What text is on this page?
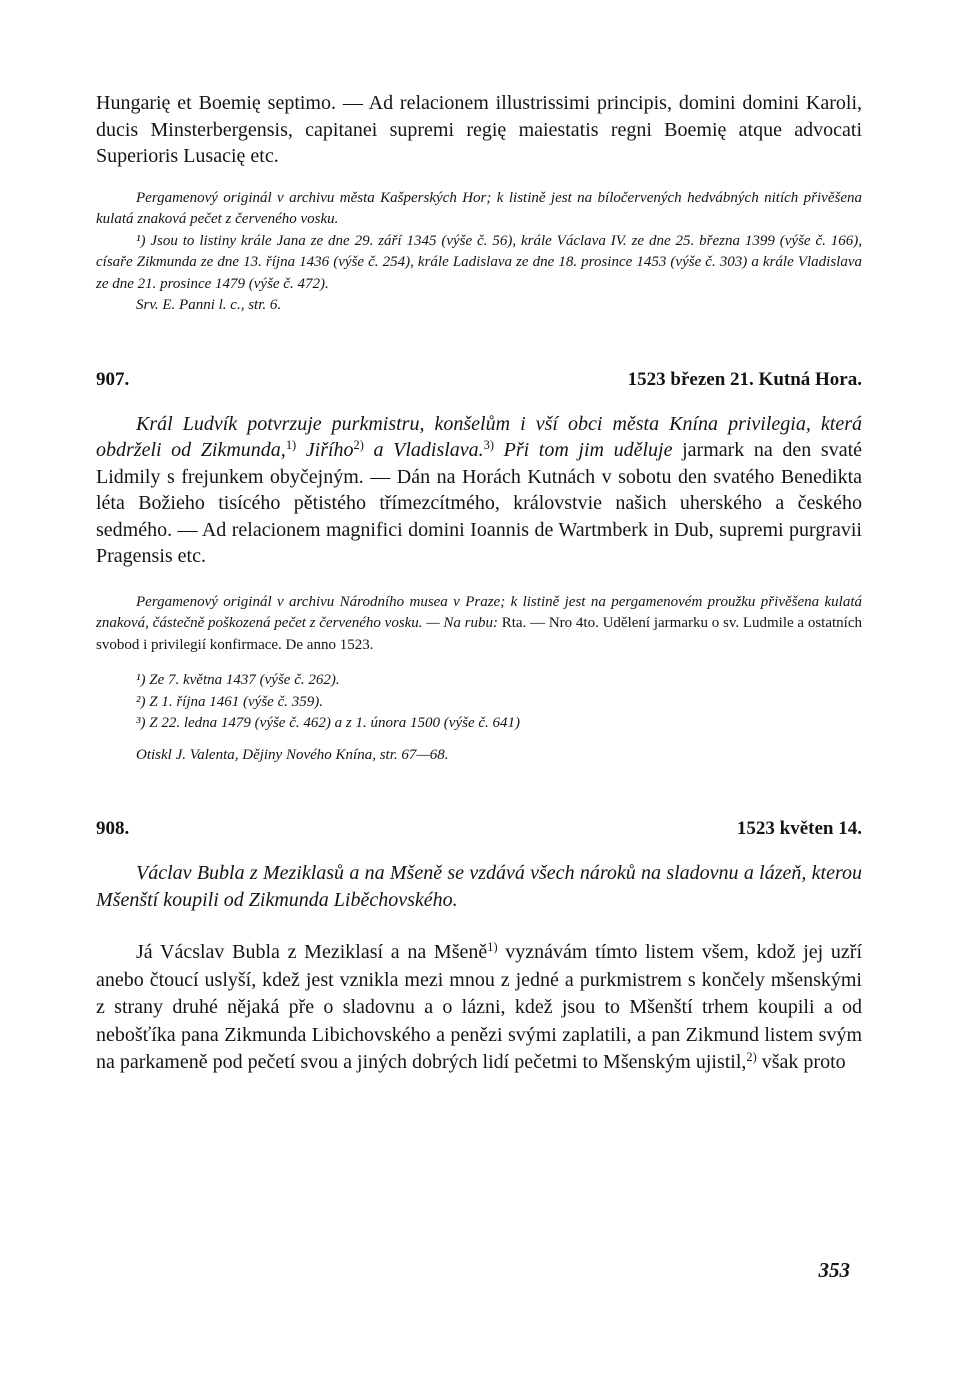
Hungarię et Boemię septimo. — Ad relacionem illustrissimi principis, domini domini Karoli, ducis Minsterbergensis, capitanei supremi regię maiestatis regni Boemię atque advocati Superioris Lusacię etc.

Pergamenový originál v archivu města Kašperských Hor; k listině jest na bíločervených hedvábných nitích přivěšena kulatá znaková pečet z červeného vosku.

¹) Jsou to listiny krále Jana ze dne 29. září 1345 (výše č. 56), krále Václava IV. ze dne 25. března 1399 (výše č. 166), císaře Zikmunda ze dne 13. října 1436 (výše č. 254), krále Ladislava ze dne 18. prosince 1453 (výše č. 303) a krále Vladislava ze dne 21. prosince 1479 (výše č. 472).

Srv. E. Panni l. c., str. 6.

907.	1523 březen 21. Kutná Hora.

Král Ludvík potvrzuje purkmistru, konšelům i vší obci města Knína privilegia, která obdrželi od Zikmunda,$^{1)}$ Jiřího$^{2)}$ a Vladislava.$^{3)}$ Při tom jim uděluje jarmark na den svaté Lidmily s frejunkem obyčejným. — Dán na Horách Kutnách v sobotu den svatého Benedikta léta Božieho tisícého pětistého třímezcítmého, královstvie našich uherského a českého sedmého. — Ad relacionem magnifici domini Ioannis de Wartmberk in Dub, supremi purgravii Pragensis etc.

Pergamenový originál v archivu Národního musea v Praze; k listině jest na pergamenovém proužku přivěšena kulatá znaková, částečně poškozená pečet z červeného vosku. — Na rubu: Rta. — Nro 4to. Udělení jarmarku o sv. Ludmile a ostatních svobod i privilegií konfirmace. De anno 1523.

¹) Ze 7. května 1437 (výše č. 262).

²) Z 1. října 1461 (výše č. 359).

³) Z 22. ledna 1479 (výše č. 462) a z 1. února 1500 (výše č. 641)

Otiskl J. Valenta, Dějiny Nového Knína, str. 67—68.

908.	1523 květen 14.

Václav Bubla z Meziklasů a na Mšeně se vzdává všech nároků na sladovnu a lázeň, kterou Mšenští koupili od Zikmunda Liběchovského.

Já Vácslav Bubla z Meziklasí a na Mšeně$^{1)}$ vyznávám tímto listem všem, kdož jej uzří anebo čtoucí uslyší, kdež jest vznikla mezi mnou z jedné a purkmistrem s končely mšenskými z strany druhé nějaká pře o sladovnu a o lázni, kdež jsou to Mšenští trhem koupili a od nebošťíka pana Zikmunda Libichovského a penězi svými zaplatili, a pan Zikmund listem svým na parkameně pod pečetí svou a jiných dobrých lidí pečetmi to Mšenským ujistil,$^{2)}$ však proto

353
